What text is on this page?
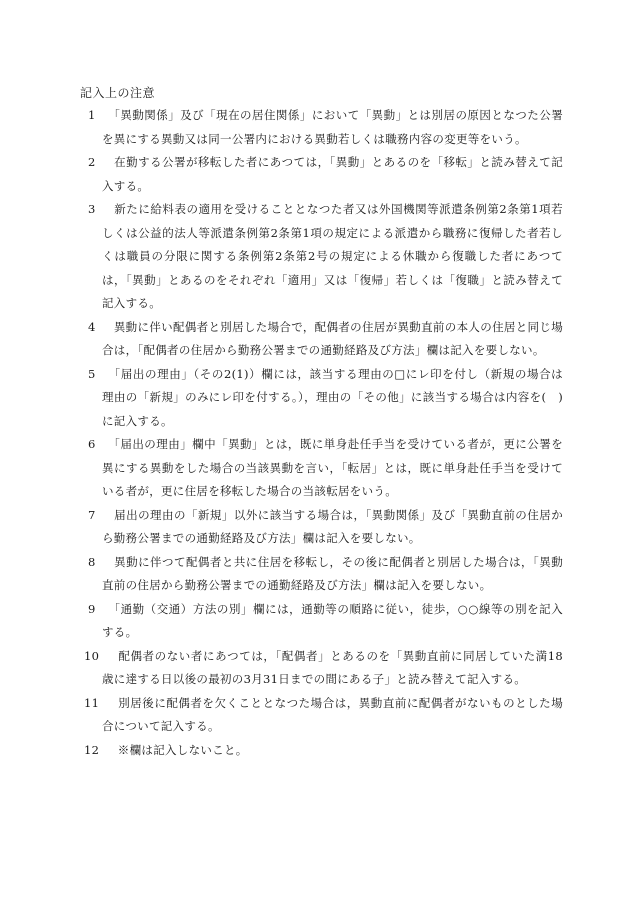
記入上の注意
1　「異動関係」及び「現在の居住関係」において「異動」とは別居の原因となつた公署を異にする異動又は同一公署内における異動若しくは職務内容の変更等をいう。
2　在勤する公署が移転した者にあつては，「異動」とあるのを「移転」と読み替えて記入する。
3　新たに給料表の適用を受けることとなつた者又は外国機関等派遣条例第2条第1項若しくは公益的法人等派遣条例第2条第1項の規定による派遣から職務に復帰した者若しくは職員の分限に関する条例第2条第2号の規定による休職から復職した者にあつては，「異動」とあるのをそれぞれ「適用」又は「復帰」若しくは「復職」と読み替えて記入する。
4　異動に伴い配偶者と別居した場合で，配偶者の住居が異動直前の本人の住居と同じ場合は，「配偶者の住居から勤務公署までの通勤経路及び方法」欄は記入を要しない。
5　「届出の理由」（その2(1)）欄には，該当する理由の□にレ印を付し（新規の場合は理由の「新規」のみにレ印を付する。），理由の「その他」に該当する場合は内容を(　)に記入する。
6　「届出の理由」欄中「異動」とは，既に単身赴任手当を受けている者が，更に公署を異にする異動をした場合の当該異動を言い，「転居」とは，既に単身赴任手当を受けている者が，更に住居を移転した場合の当該転居をいう。
7　届出の理由の「新規」以外に該当する場合は，「異動関係」及び「異動直前の住居から勤務公署までの通勤経路及び方法」欄は記入を要しない。
8　異動に伴つて配偶者と共に住居を移転し，その後に配偶者と別居した場合は，「異動直前の住居から勤務公署までの通勤経路及び方法」欄は記入を要しない。
9　「通勤（交通）方法の別」欄には，通勤等の順路に従い，徒歩，○○線等の別を記入する。
10　配偶者のない者にあつては，「配偶者」とあるのを「異動直前に同居していた満18歳に達する日以後の最初の3月31日までの間にある子」と読み替えて記入する。
11　別居後に配偶者を欠くこととなつた場合は，異動直前に配偶者がないものとした場合について記入する。
12　※欄は記入しないこと。
